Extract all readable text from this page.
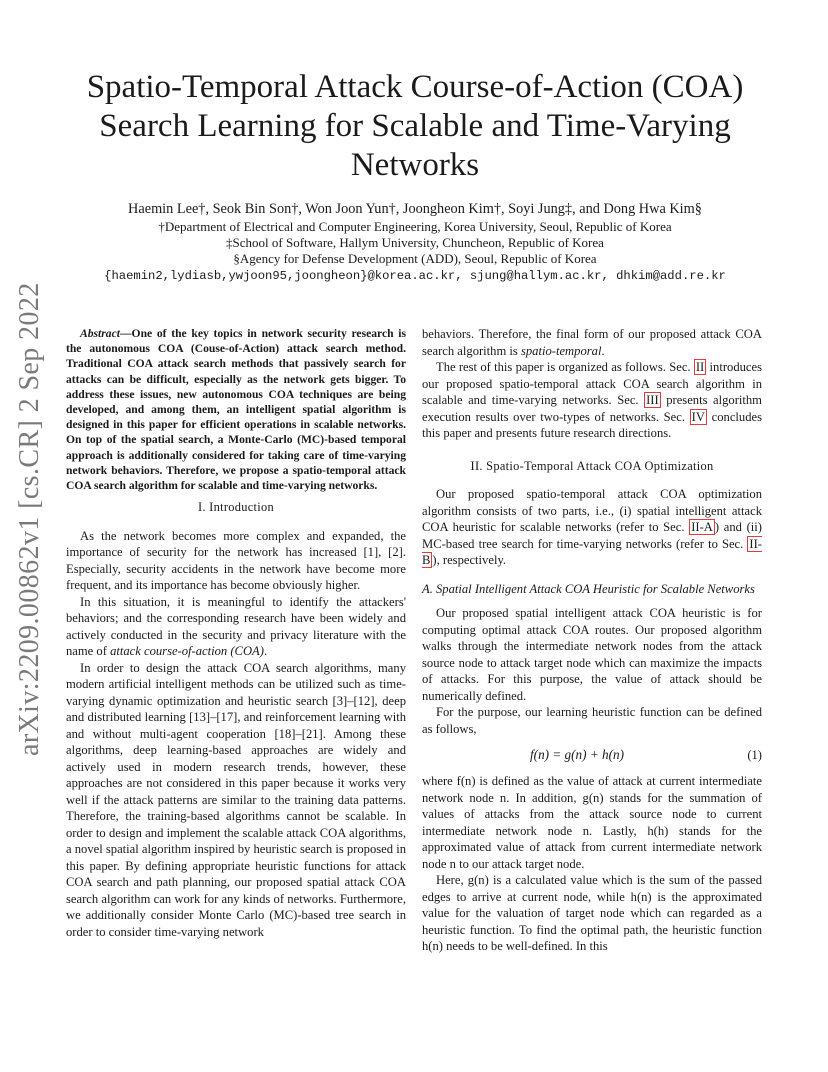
arXiv:2209.00862v1 [cs.CR] 2 Sep 2022
Spatio-Temporal Attack Course-of-Action (COA) Search Learning for Scalable and Time-Varying Networks
Haemin Lee†, Seok Bin Son†, Won Joon Yun†, Joongheon Kim†, Soyi Jung‡, and Dong Hwa Kim§
†Department of Electrical and Computer Engineering, Korea University, Seoul, Republic of Korea
‡School of Software, Hallym University, Chuncheon, Republic of Korea
§Agency for Defense Development (ADD), Seoul, Republic of Korea
{haemin2,lydiasb,ywjoon95,joongheon}@korea.ac.kr, sjung@hallym.ac.kr, dhkim@add.re.kr

Abstract—One of the key topics in network security research is the autonomous COA (Couse-of-Action) attack search method. Traditional COA attack search methods that passively search for attacks can be difficult, especially as the network gets bigger. To address these issues, new autonomous COA techniques are being developed, and among them, an intelligent spatial algorithm is designed in this paper for efficient operations in scalable networks. On top of the spatial search, a Monte-Carlo (MC)-based temporal approach is additionally considered for taking care of time-varying network behaviors. Therefore, we propose a spatio-temporal attack COA search algorithm for scalable and time-varying networks.

I. Introduction

As the network becomes more complex and expanded, the importance of security for the network has increased [1], [2]. Especially, security accidents in the network have become more frequent, and its importance has become obviously higher.

In this situation, it is meaningful to identify the attackers' behaviors; and the corresponding research have been widely and actively conducted in the security and privacy literature with the name of attack course-of-action (COA).

In order to design the attack COA search algorithms, many modern artificial intelligent methods can be utilized such as time-varying dynamic optimization and heuristic search [3]–[12], deep and distributed learning [13]–[17], and reinforcement learning with and without multi-agent cooperation [18]–[21]. Among these algorithms, deep learning-based approaches are widely and actively used in modern research trends, however, these approaches are not considered in this paper because it works very well if the attack patterns are similar to the training data patterns. Therefore, the training-based algorithms cannot be scalable. In order to design and implement the scalable attack COA algorithms, a novel spatial algorithm inspired by heuristic search is proposed in this paper. By defining appropriate heuristic functions for attack COA search and path planning, our proposed spatial attack COA search algorithm can work for any kinds of networks. Furthermore, we additionally consider Monte Carlo (MC)-based tree search in order to consider time-varying network

behaviors. Therefore, the final form of our proposed attack COA search algorithm is spatio-temporal.

The rest of this paper is organized as follows. Sec. II introduces our proposed spatio-temporal attack COA search algorithm in scalable and time-varying networks. Sec. III presents algorithm execution results over two-types of networks. Sec. IV concludes this paper and presents future research directions.

II. Spatio-Temporal Attack COA Optimization

Our proposed spatio-temporal attack COA optimization algorithm consists of two parts, i.e., (i) spatial intelligent attack COA heuristic for scalable networks (refer to Sec. II-A ) and (ii) MC-based tree search for time-varying networks (refer to Sec. II-B ), respectively.

A. Spatial Intelligent Attack COA Heuristic for Scalable Networks

Our proposed spatial intelligent attack COA heuristic is for computing optimal attack COA routes. Our proposed algorithm walks through the intermediate network nodes from the attack source node to attack target node which can maximize the impacts of attacks. For this purpose, the value of attack should be numerically defined.

For the purpose, our learning heuristic function can be defined as follows,

f(n) = g(n) + h(n)	(1)

where f(n) is defined as the value of attack at current intermediate network node n. In addition, g(n) stands for the summation of values of attacks from the attack source node to current intermediate network node n. Lastly, h(h) stands for the approximated value of attack from current intermediate network node n to our attack target node.

Here, g(n) is a calculated value which is the sum of the passed edges to arrive at current node, while h(n) is the approximated value for the valuation of target node which can regarded as a heuristic function. To find the optimal path, the heuristic function h(n) needs to be well-defined. In this
